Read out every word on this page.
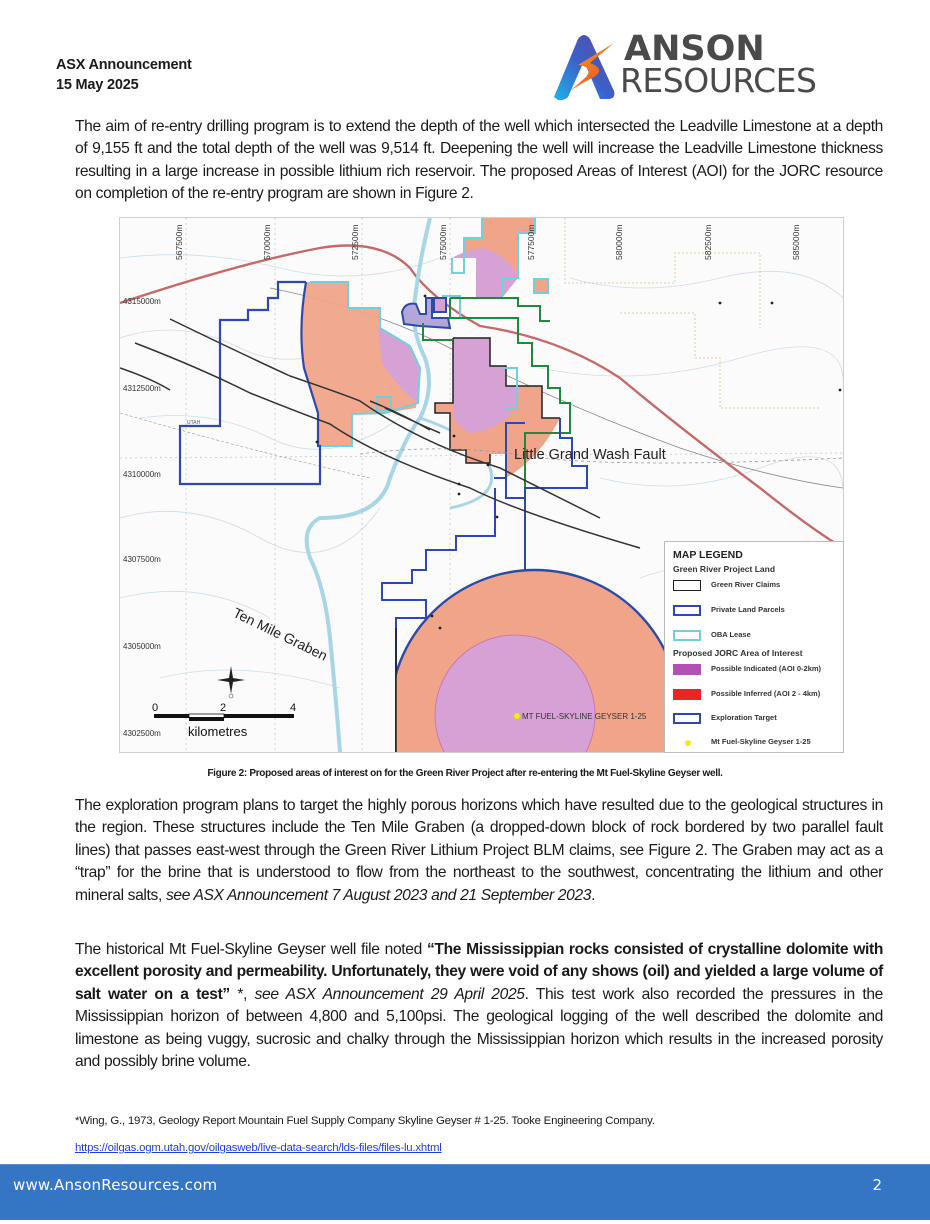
ASX Announcement
15 May 2025
ANSON
RESOURCES
The aim of re-entry drilling program is to extend the depth of the well which intersected the Leadville Limestone at a depth of 9,155 ft and the total depth of the well was 9,514 ft. Deepening the well will increase the Leadville Limestone thickness resulting in a large increase in possible lithium rich reservoir. The proposed Areas of Interest (AOI) for the JORC resource on completion of the re-entry program are shown in Figure 2.
567500m	570000m	572500m	575000m	577500m	580000m	582500m	585000m
4315000m
4312500m
4310000m
4307500m
4305000m
4302500m
UTAH
Little Grand Wash Fault
Ten Mile Graben
MT FUEL-SKYLINE GEYSER 1-25
0	2	4
kilometres
MAP LEGEND
Green River Project Land
Green River Claims
Private Land Parcels
OBA Lease
Proposed JORC Area of Interest
Possible Indicated (AOI 0-2km)
Possible Inferred (AOI 2 - 4km)
Exploration Target
Mt Fuel-Skyline Geyser 1-25
Figure 2: Proposed areas of interest on for the Green River Project after re-entering the Mt Fuel-Skyline Geyser well.
The exploration program plans to target the highly porous horizons which have resulted due to the geological structures in the region. These structures include the Ten Mile Graben (a dropped-down block of rock bordered by two parallel fault lines) that passes east-west through the Green River Lithium Project BLM claims, see Figure 2. The Graben may act as a “trap” for the brine that is understood to flow from the northeast to the southwest, concentrating the lithium and other mineral salts, see ASX Announcement 7 August 2023 and 21 September 2023.
The historical Mt Fuel-Skyline Geyser well file noted “The Mississippian rocks consisted of crystalline dolomite with excellent porosity and permeability. Unfortunately, they were void of any shows (oil) and yielded a large volume of salt water on a test” *, see ASX Announcement 29 April 2025. This test work also recorded the pressures in the Mississippian horizon of between 4,800 and 5,100psi. The geological logging of the well described the dolomite and limestone as being vuggy, sucrosic and chalky through the Mississippian horizon which results in the increased porosity and possibly brine volume.
*Wing, G., 1973, Geology Report Mountain Fuel Supply Company Skyline Geyser # 1-25. Tooke Engineering Company.
https://oilgas.ogm.utah.gov/oilgasweb/live-data-search/lds-files/files-lu.xhtml
www.AnsonResources.com	2
